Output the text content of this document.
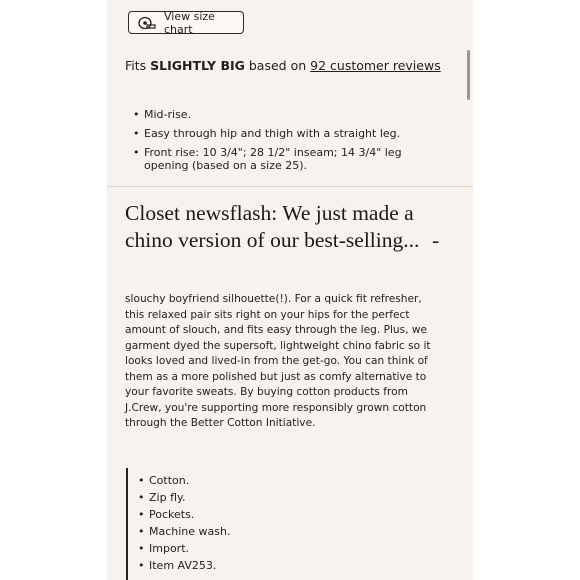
View size chart
Fits SLIGHTLY BIG based on 92 customer reviews
• Mid-rise.
• Easy through hip and thigh with a straight leg.
• Front rise: 10 3/4"; 28 1/2" inseam; 14 3/4" leg opening (based on a size 25).
Closet newsflash: We just made a chino version of our best-selling... -
slouchy boyfriend silhouette(!). For a quick fit refresher, this relaxed pair sits right on your hips for the perfect amount of slouch, and fits easy through the leg. Plus, we garment dyed the supersoft, lightweight chino fabric so it looks loved and lived-in from the get-go. You can think of them as a more polished but just as comfy alternative to your favorite sweats. By buying cotton products from J.Crew, you're supporting more responsibly grown cotton through the Better Cotton Initiative.
• Cotton.
• Zip fly.
• Pockets.
• Machine wash.
• Import.
• Item AV253.
